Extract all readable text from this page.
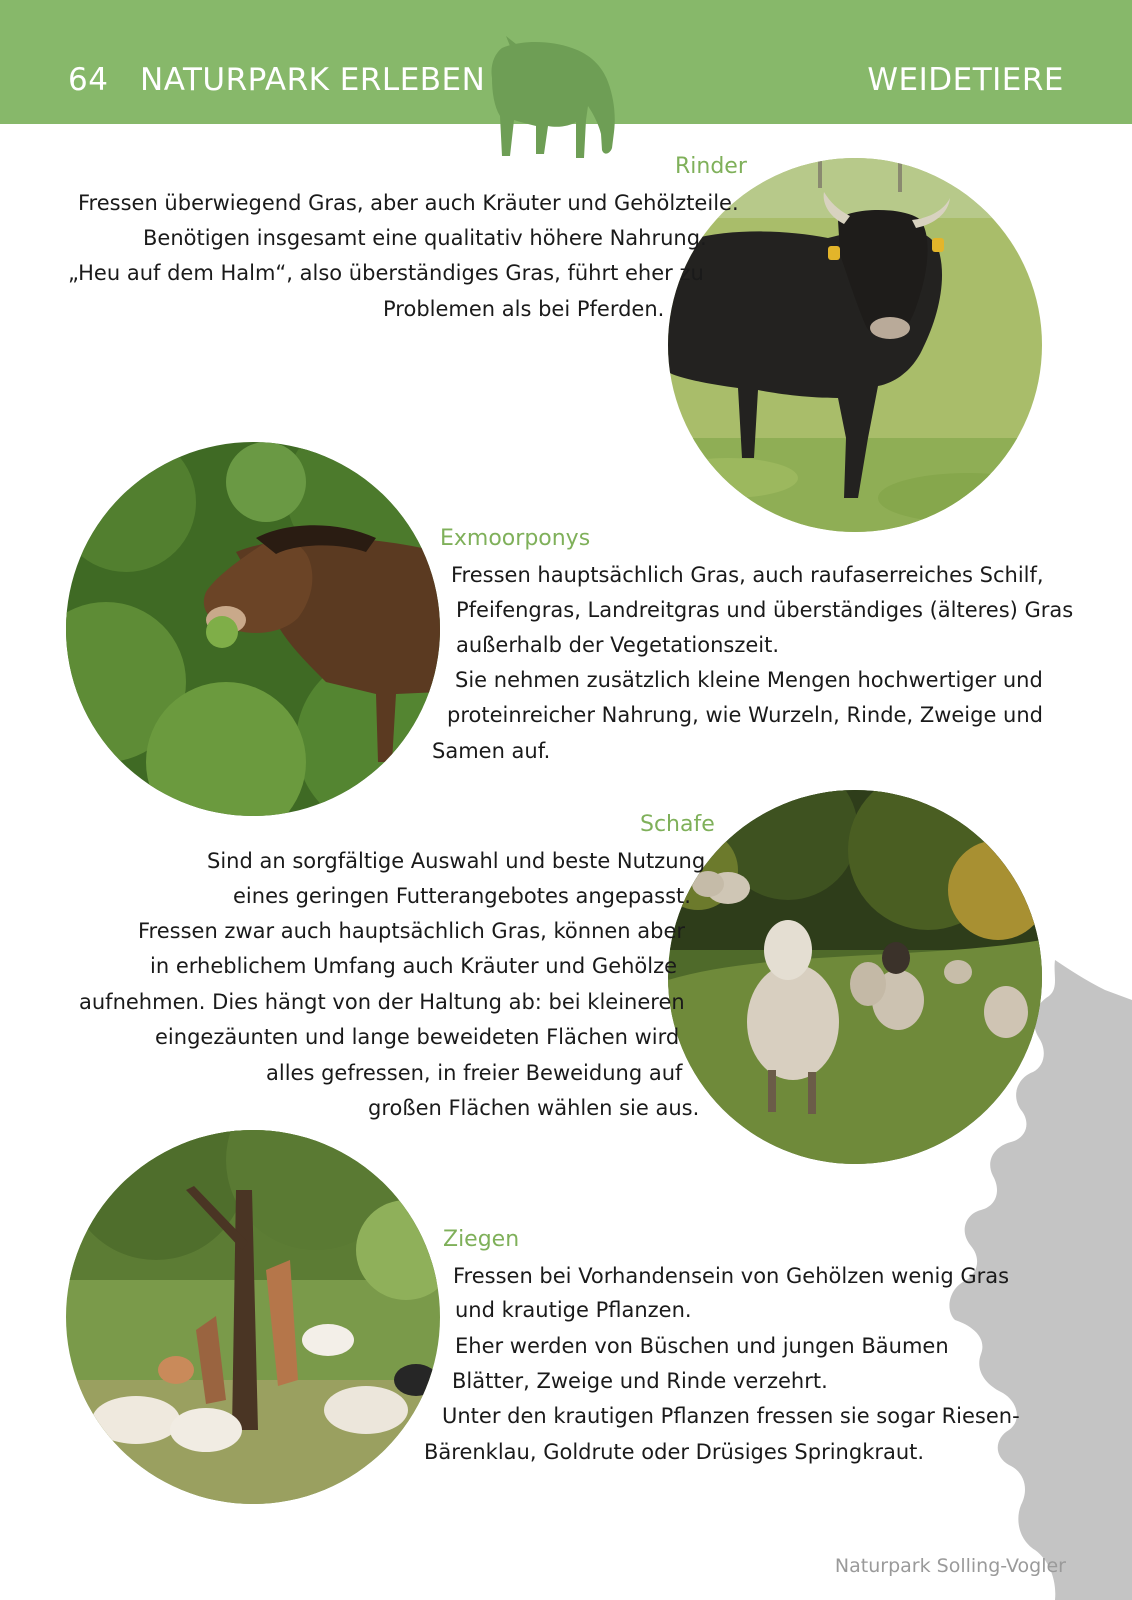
64 NATURPARK ERLEBEN	WEIDETIERE
Rinder
Fressen überwiegend Gras, aber auch Kräuter und Gehölzteile.
Benötigen insgesamt eine qualitativ höhere Nahrung.
„Heu auf dem Halm“, also überständiges Gras, führt eher zu
Problemen als bei Pferden.
Exmoorponys
Fressen hauptsächlich Gras, auch raufaserreiches Schilf,
Pfeifengras, Landreitgras und überständiges (älteres) Gras
außerhalb der Vegetationszeit.
Sie nehmen zusätzlich kleine Mengen hochwertiger und
proteinreicher Nahrung, wie Wurzeln, Rinde, Zweige und
Samen auf.
Schafe
Sind an sorgfältige Auswahl und beste Nutzung
eines geringen Futterangebotes angepasst.
Fressen zwar auch hauptsächlich Gras, können aber
in erheblichem Umfang auch Kräuter und Gehölze
aufnehmen. Dies hängt von der Haltung ab: bei kleineren
eingezäunten und lange beweideten Flächen wird
alles gefressen, in freier Beweidung auf
großen Flächen wählen sie aus.
Ziegen
Fressen bei Vorhandensein von Gehölzen wenig Gras
und krautige Pflanzen.
Eher werden von Büschen und jungen Bäumen
Blätter, Zweige und Rinde verzehrt.
Unter den krautigen Pflanzen fressen sie sogar Riesen-
Bärenklau, Goldrute oder Drüsiges Springkraut.
Naturpark Solling-Vogler
